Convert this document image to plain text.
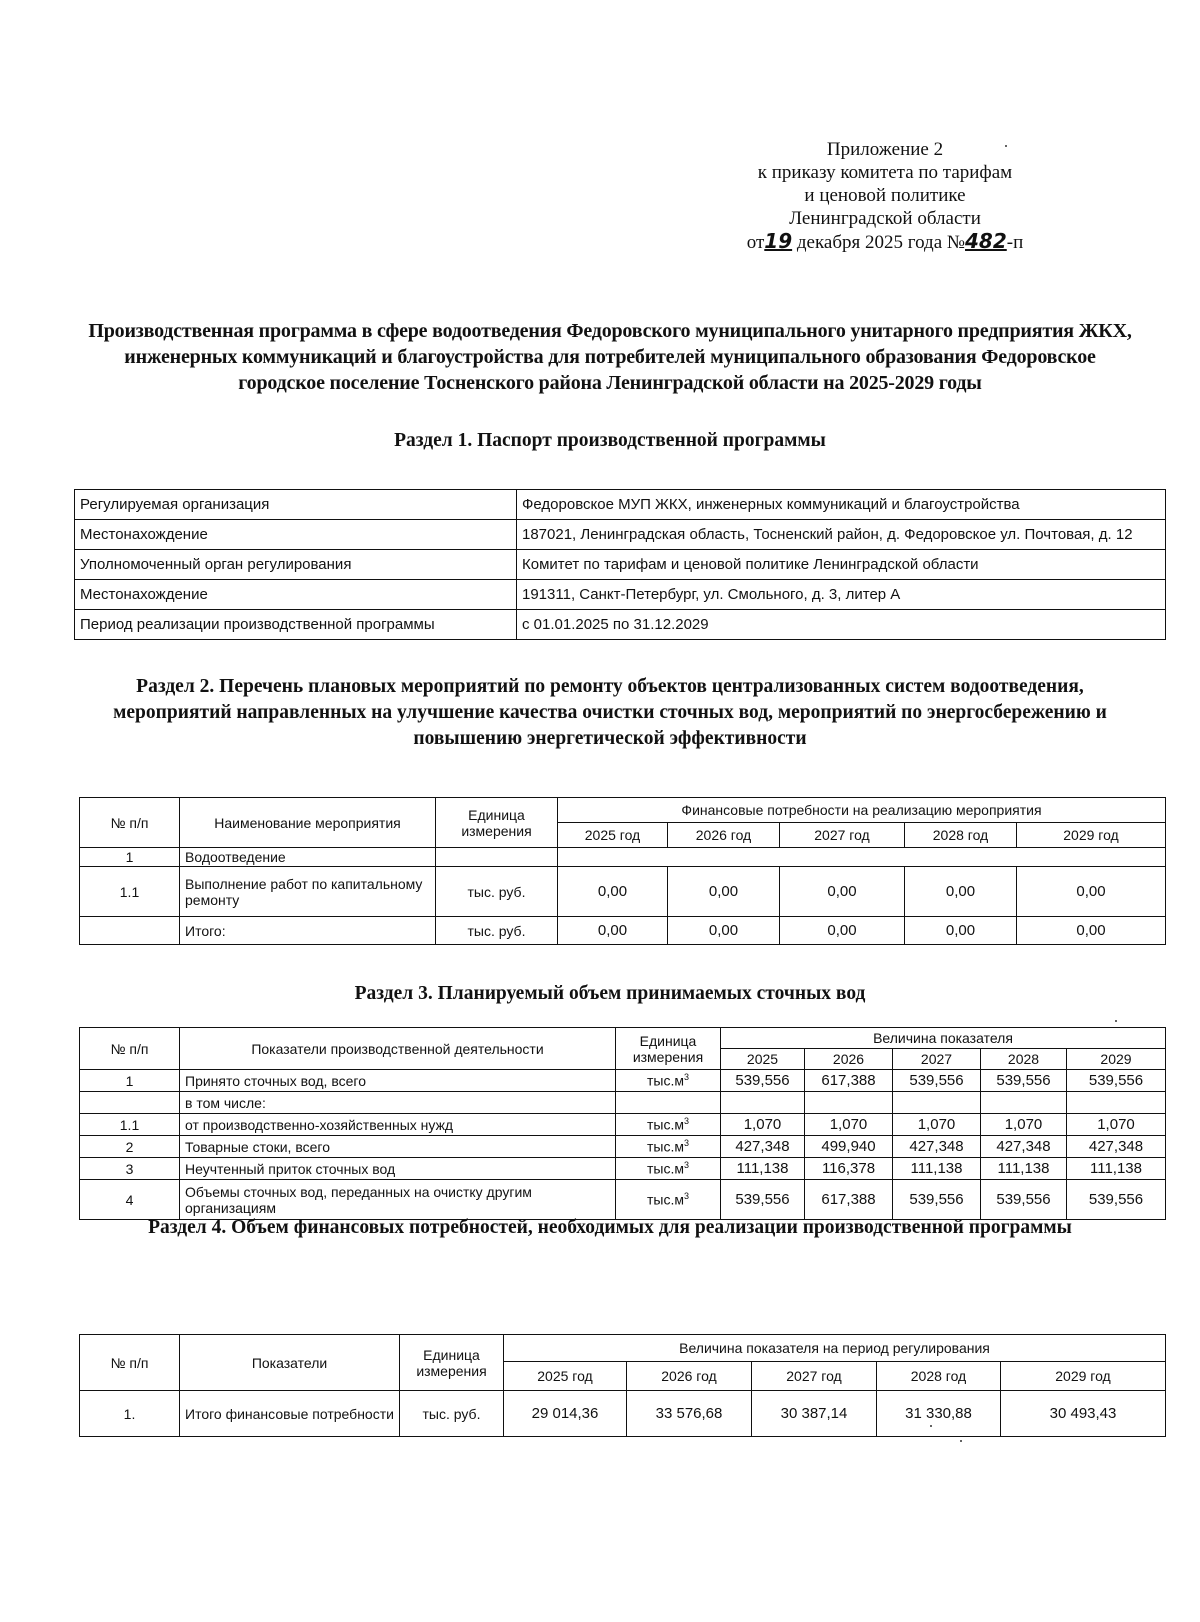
Приложение 2
к приказу комитета по тарифам
и ценовой политике
Ленинградской области
от19 декабря 2025 года №482-п
Производственная программа в сфере водоотведения Федоровского муниципального унитарного предприятия ЖКХ, инженерных коммуникаций и благоустройства для потребителей муниципального образования Федоровское городское поселение Тосненского района Ленинградской области на 2025-2029 годы
Раздел 1. Паспорт производственной программы
Регулируемая организация	Федоровское МУП ЖКХ, инженерных коммуникаций и благоустройства
Местонахождение	187021, Ленинградская область, Тосненский район, д. Федоровское ул. Почтовая, д. 12
Уполномоченный орган регулирования	Комитет по тарифам и ценовой политике Ленинградской области
Местонахождение	191311, Санкт-Петербург, ул. Смольного, д. 3, литер А
Период реализации производственной программы	с 01.01.2025 по 31.12.2029
Раздел 2. Перечень плановых мероприятий по ремонту объектов централизованных систем водоотведения, мероприятий направленных на улучшение качества очистки сточных вод, мероприятий по энергосбережению и повышению энергетической эффективности
№ п/п	Наименование мероприятия	Единица измерения	Финансовые потребности на реализацию мероприятия				
			2025 год	2026 год	2027 год	2028 год	2029 год
1	Водоотведение						
1.1	Выполнение работ по капитальному ремонту	тыс. руб.	0,00	0,00	0,00	0,00	0,00
	Итого:	тыс. руб.	0,00	0,00	0,00	0,00	0,00
Раздел 3. Планируемый объем принимаемых сточных вод
№ п/п	Показатели производственной деятельности	Единица измерения	Величина показателя				
			2025	2026	2027	2028	2029
1	Принято сточных вод, всего	$тыс.м^3$	539,556	617,388	539,556	539,556	539,556
	в том числе:						
1.1	от производственно-хозяйственных нужд	$тыс.м^3$	1,070	1,070	1,070	1,070	1,070
2	Товарные стоки, всего	$тыс.м^3$	427,348	499,940	427,348	427,348	427,348
3	Неучтенный приток сточных вод	$тыс.м^3$	111,138	116,378	111,138	111,138	111,138
4	Объемы сточных вод, переданных на очистку другим организациям	$тыс.м^3$	539,556	617,388	539,556	539,556	539,556
Раздел 4. Объем финансовых потребностей, необходимых для реализации производственной программы
№ п/п	Показатели	Единица измерения	Величина показателя на период регулирования				
			2025 год	2026 год	2027 год	2028 год	2029 год
1.	Итого финансовые потребности	тыс. руб.	29 014,36	33 576,68	30 387,14	31 330,88	30 493,43
